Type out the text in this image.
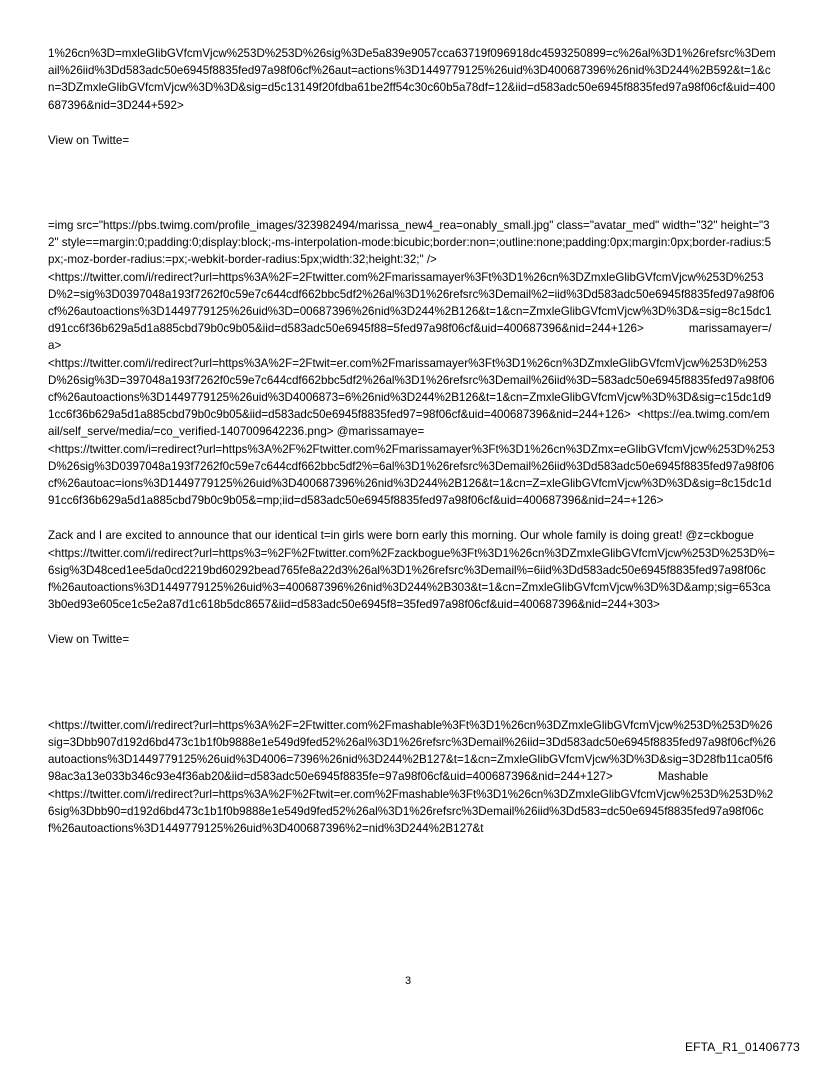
1%26cn%3D=mxleGlibGVfcmVjcw%253D%253D%26sig%3De5a839e9057cca63719f096918dc4593250899=c%26al%3D1%26refsrc%3Demail%26iid%3Dd583adc50e6945f8835fed97a98f06cf%26aut=actions%3D1449779125%26uid%3D400687396%26nid%3D244%2B592&t=1&cn=3DZmxleGlibGVfcmVjcw%3D%3D&sig=d5c13149f20fdba61be2ff54c30c60b5a78df=12&iid=d583adc50e6945f8835fed97a98f06cf&uid=400687396&nid=3D244+592>

View on Twitte=

=img src="https://pbs.twimg.com/profile_images/323982494/marissa_new4_rea=onably_small.jpg" class="avatar_med" width="32" height="32" style==margin:0;padding:0;display:block;-ms-interpolation-mode:bicubic;border:non=;outline:none;padding:0px;margin:0px;border-radius:5px;-moz-border-radius:=px;-webkit-border-radius:5px;width:32;height:32;" />

<https://twitter.com/i/redirect?url=https%3A%2F=2Ftwitter.com%2Fmarissamayer%3Ft%3D1%26cn%3DZmxleGlibGVfcmVjcw%253D%253D%2=sig%3D0397048a193f7262f0c59e7c644cdf662bbc5df2%26al%3D1%26refsrc%3Demail%2=iid%3Dd583adc50e6945f8835fed97a98f06cf%26autoactions%3D1449779125%26uid%3D=00687396%26nid%3D244%2B126&t=1&cn=ZmxleGlibGVfcmVjcw%3D%3D&=sig=8c15dc1d91cc6f36b629a5d1a885cbd79b0c9b05&iid=d583adc50e6945f88=5fed97a98f06cf&uid=400687396&nid=244+126>	marissamayer=/a>

<https://twitter.com/i/redirect?url=https%3A%2F=2Ftwit=er.com%2Fmarissamayer%3Ft%3D1%26cn%3DZmxleGlibGVfcmVjcw%253D%253D%26sig%3D=397048a193f7262f0c59e7c644cdf662bbc5df2%26al%3D1%26refsrc%3Demail%26iid%3D=583adc50e6945f8835fed97a98f06cf%26autoactions%3D1449779125%26uid%3D4006873=6%26nid%3D244%2B126&t=1&cn=ZmxleGlibGVfcmVjcw%3D%3D&sig=c15dc1d91cc6f36b629a5d1a885cbd79b0c9b05&iid=d583adc50e6945f8835fed97=98f06cf&uid=400687396&nid=244+126> <https://ea.twimg.com/email/self_serve/media/=co_verified-1407009642236.png> @marissamaye=

<https://twitter.com/i=redirect?url=https%3A%2F%2Ftwitter.com%2Fmarissamayer%3Ft%3D1%26cn%3DZmx=eGlibGVfcmVjcw%253D%253D%26sig%3D0397048a193f7262f0c59e7c644cdf662bbc5df2%=6al%3D1%26refsrc%3Demail%26iid%3Dd583adc50e6945f8835fed97a98f06cf%26autoac=ions%3D1449779125%26uid%3D400687396%26nid%3D244%2B126&t=1&cn=Z=xleGlibGVfcmVjcw%3D%3D&sig=8c15dc1d91cc6f36b629a5d1a885cbd79b0c9b05&=mp;iid=d583adc50e6945f8835fed97a98f06cf&uid=400687396&nid=24=+126>

Zack and I are excited to announce that our identical t=in girls were born early this morning. Our whole family is doing great! @z=ckbogue

<https://twitter.com/i/redirect?url=https%3=%2F%2Ftwitter.com%2Fzackbogue%3Ft%3D1%26cn%3DZmxleGlibGVfcmVjcw%253D%253D%=6sig%3D48ced1ee5da0cd2219bd60292bead765fe8a22d3%26al%3D1%26refsrc%3Demail%=6iid%3Dd583adc50e6945f8835fed97a98f06cf%26autoactions%3D1449779125%26uid%3=400687396%26nid%3D244%2B303&t=1&cn=ZmxleGlibGVfcmVjcw%3D%3D&amp;sig=653ca3b0ed93e605ce1c5e2a87d1c618b5dc8657&iid=d583adc50e6945f8=35fed97a98f06cf&uid=400687396&nid=244+303>

View on Twitte=

<https://twitter.com/i/redirect?url=https%3A%2F=2Ftwitter.com%2Fmashable%3Ft%3D1%26cn%3DZmxleGlibGVfcmVjcw%253D%253D%26sig=3Dbb907d192d6bd473c1b1f0b9888e1e549d9fed52%26al%3D1%26refsrc%3Demail%26iid=3Dd583adc50e6945f8835fed97a98f06cf%26autoactions%3D1449779125%26uid%3D4006=7396%26nid%3D244%2B127&t=1&cn=ZmxleGlibGVfcmVjcw%3D%3D&sig=3D28fb11ca05f698ac3a13e033b346c93e4f36ab20&iid=d583adc50e6945f8835fe=97a98f06cf&uid=400687396&nid=244+127>	Mashable

<https://twitter.com/i/redirect?url=https%3A%2F%2Ftwit=er.com%2Fmashable%3Ft%3D1%26cn%3DZmxleGlibGVfcmVjcw%253D%253D%26sig%3Dbb90=d192d6bd473c1b1f0b9888e1e549d9fed52%26al%3D1%26refsrc%3Demail%26iid%3Dd583=dc50e6945f8835fed97a98f06cf%26autoactions%3D1449779125%26uid%3D400687396%2=nid%3D244%2B127&t

3
EFTA_R1_01406773
